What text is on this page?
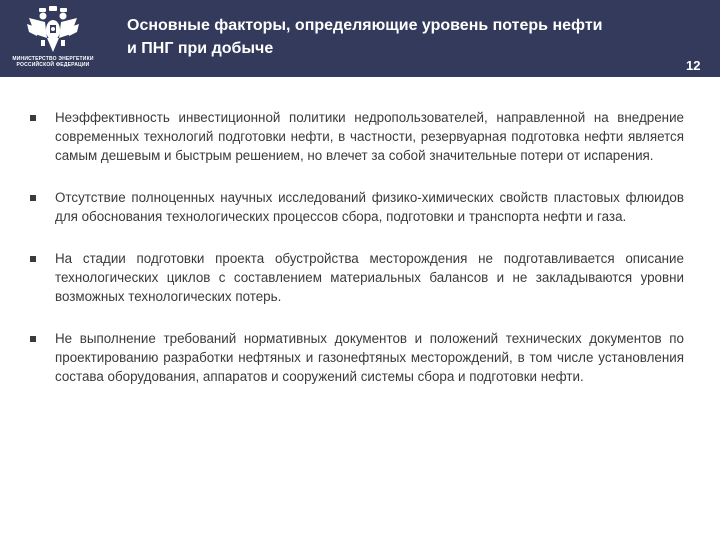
МИНИСТЕРСТВО ЭНЕРГЕТИКИ
РОССИЙСКОЙ ФЕДЕРАЦИИ
Основные факторы, определяющие уровень потерь нефти
и ПНГ при добыче
12
Неэффективность инвестиционной политики недропользователей, направленной на внедрение современных технологий подготовки нефти, в частности, резервуарная подготовка нефти является самым дешевым и быстрым решением, но влечет за собой значительные потери от испарения.
Отсутствие полноценных научных исследований физико-химических свойств пластовых флюидов для обоснования технологических процессов сбора, подготовки и транспорта нефти и газа.
На стадии подготовки проекта обустройства месторождения не подготавливается описание технологических циклов с составлением материальных балансов и не закладываются уровни возможных технологических потерь.
Не выполнение требований нормативных документов и положений технических документов по проектированию разработки нефтяных и газонефтяных месторождений, в том числе установления состава оборудования, аппаратов и сооружений системы сбора и подготовки нефти.
